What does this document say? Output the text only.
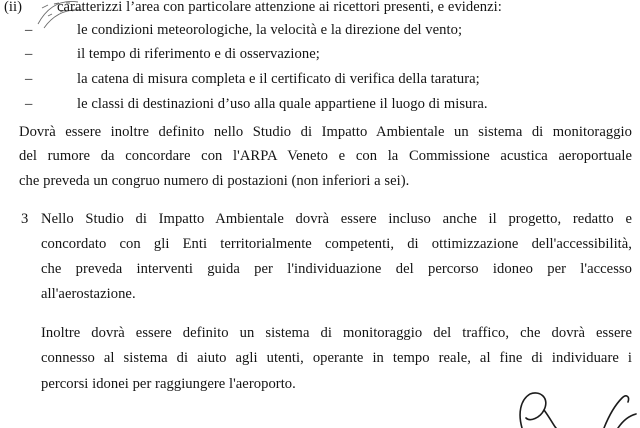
(ii) caratterizzi l’area con particolare attenzione ai ricettori presenti, e evidenzi:
–	le condizioni meteorologiche, la velocità e la direzione del vento;
–	il tempo di riferimento e di osservazione;
–	la catena di misura completa e il certificato di verifica della taratura;
–	le classi di destinazioni d’uso alla quale appartiene il luogo di misura.
Dovrà essere inoltre definito nello Studio di Impatto Ambientale un sistema di monitoraggio
del rumore da concordare con l'ARPA Veneto e con la Commissione acustica aeroportuale
che preveda un congruo numero di postazioni (non inferiori a sei).
3 Nello Studio di Impatto Ambientale dovrà essere incluso anche il progetto, redatto e
concordato con gli Enti territorialmente competenti, di ottimizzazione dell'accessibilità,
che preveda interventi guida per l'individuazione del percorso idoneo per l'accesso
all'aerostazione.
Inoltre dovrà essere definito un sistema di monitoraggio del traffico, che dovrà essere
connesso al sistema di aiuto agli utenti, operante in tempo reale, al fine di individuare i
percorsi idonei per raggiungere l'aeroporto.
